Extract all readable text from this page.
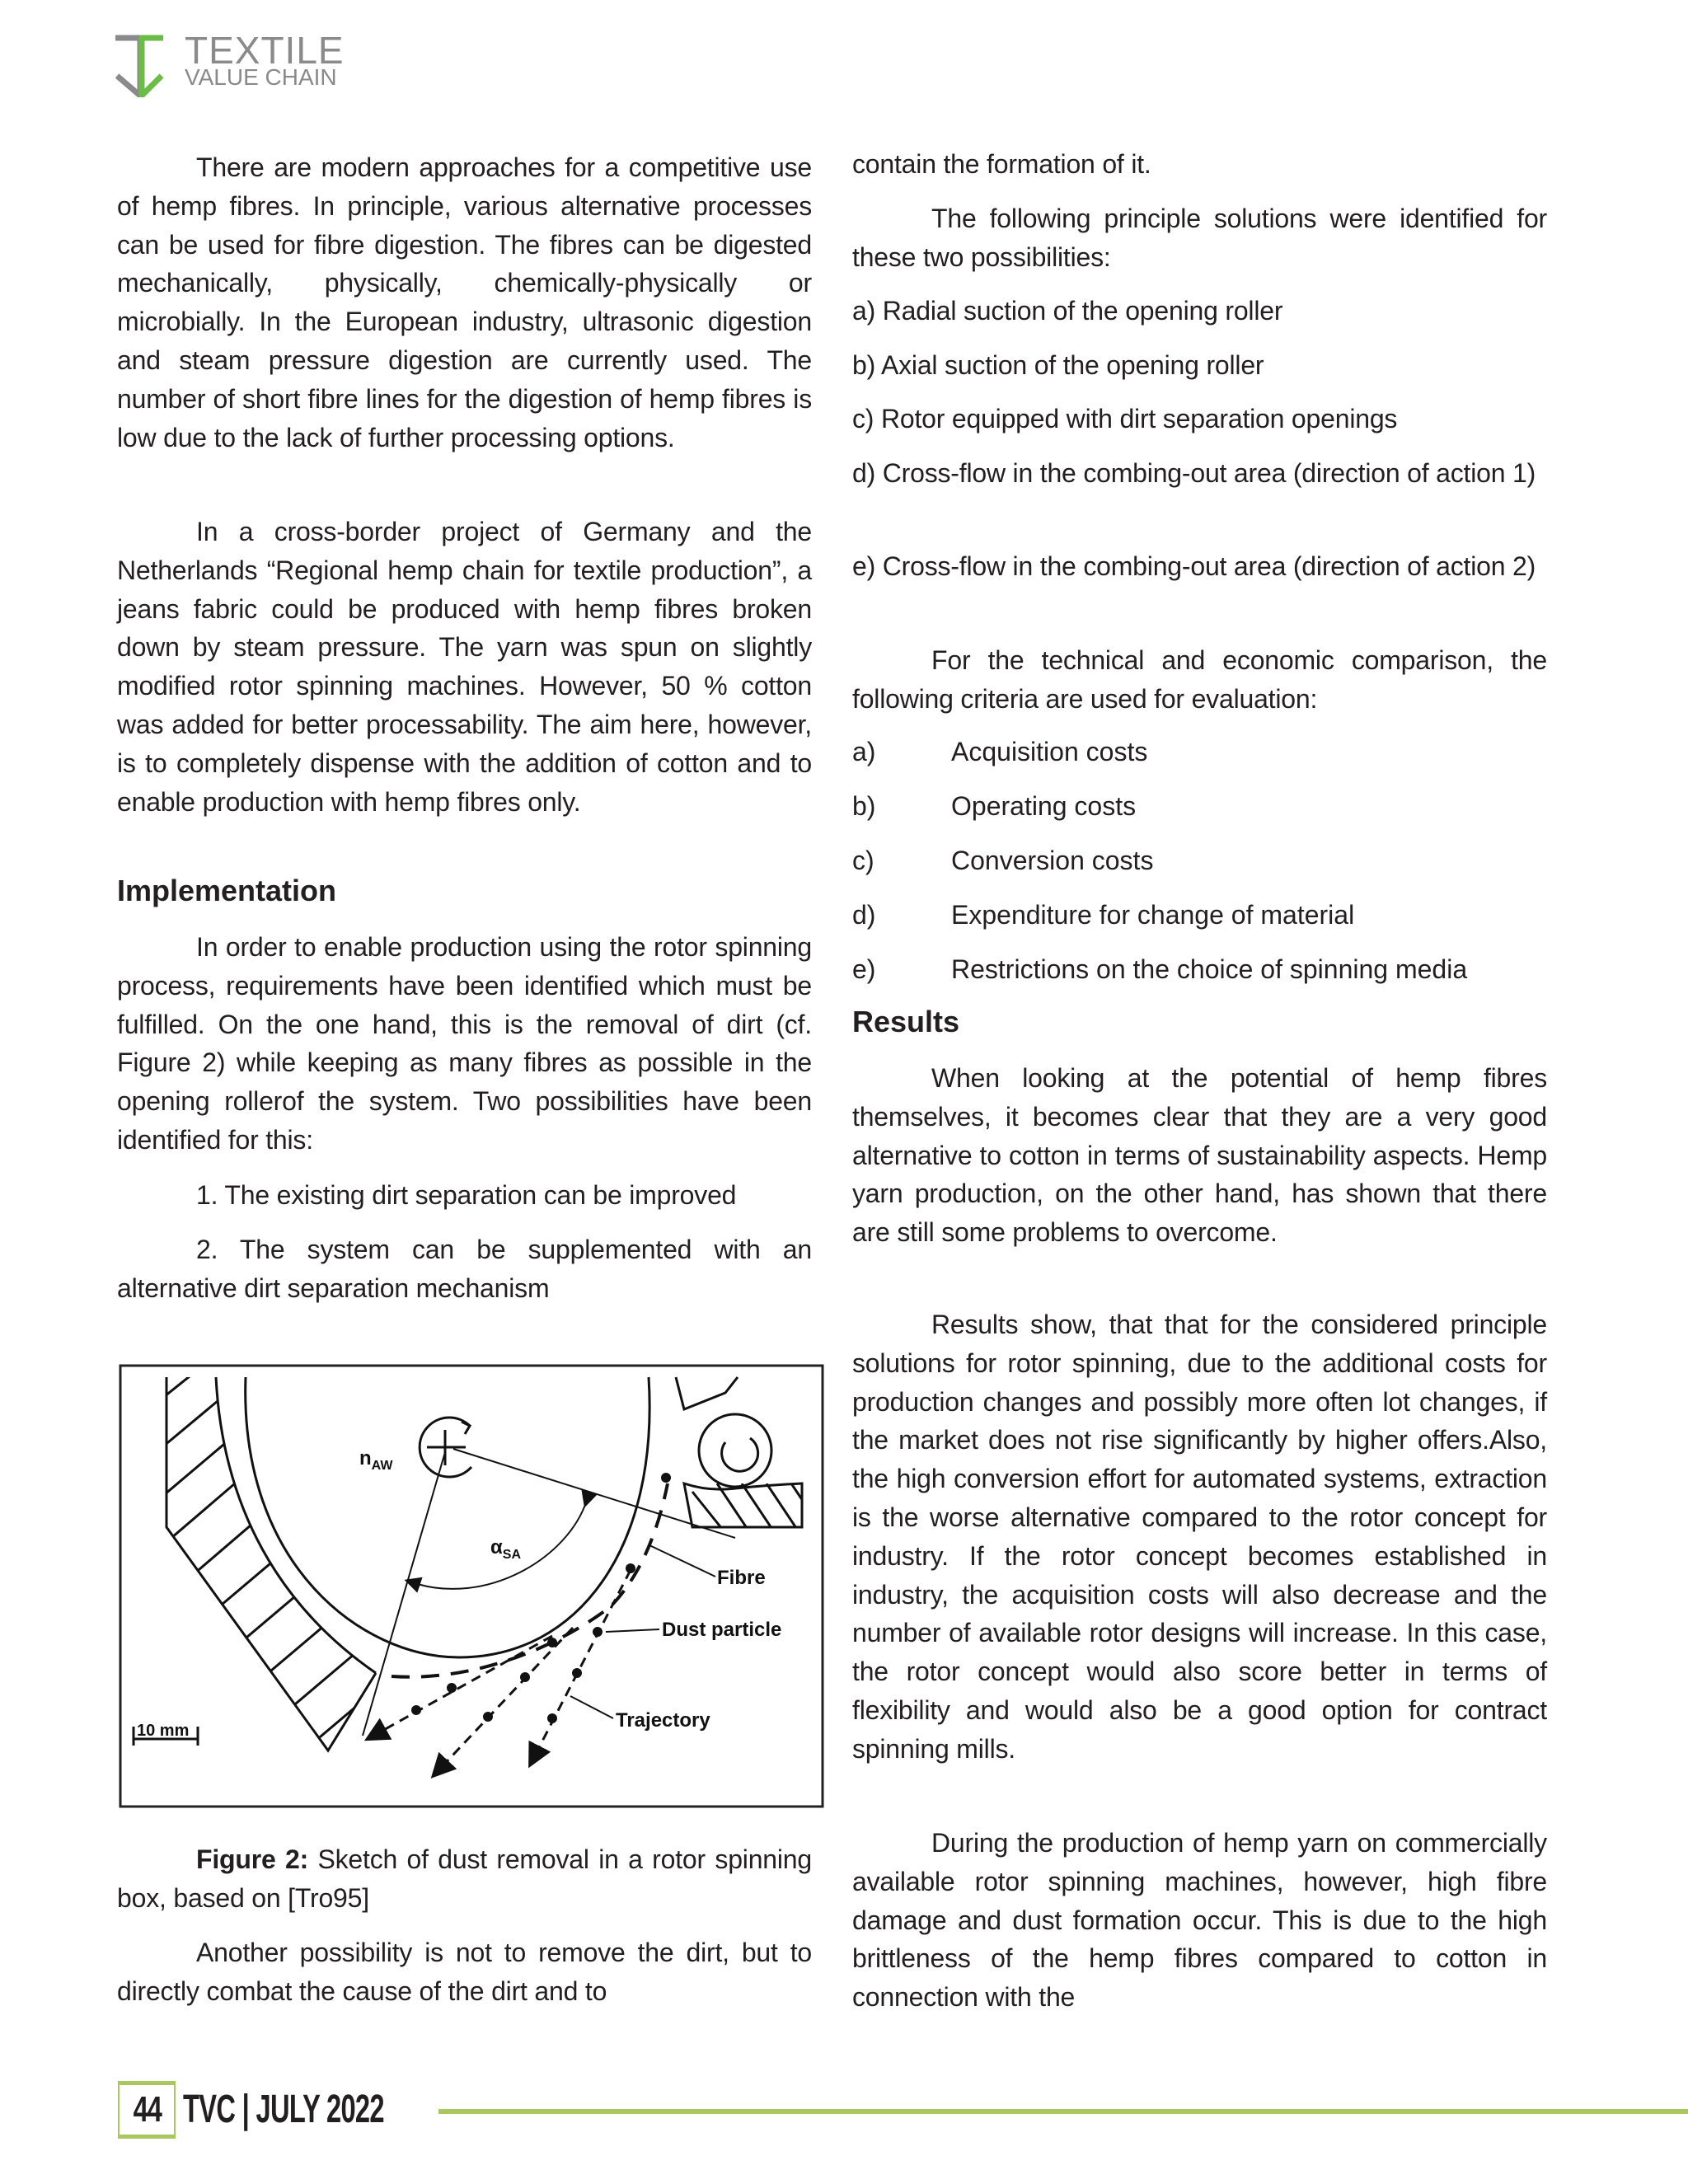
TEXTILE
VALUE CHAIN

There are modern approaches for a competitive use of hemp fibres. In principle, various alternative processes can be used for fibre digestion. The fibres can be digested mechanically, physically, chemically-physically or microbially. In the European industry, ultrasonic digestion and steam pressure digestion are currently used. The number of short fibre lines for the digestion of hemp fibres is low due to the lack of further processing options.

In a cross-border project of Germany and the Netherlands “Regional hemp chain for textile production”, a jeans fabric could be produced with hemp fibres broken down by steam pressure. The yarn was spun on slightly modified rotor spinning machines. However, 50 % cotton was added for better processability. The aim here, however, is to completely dispense with the addition of cotton and to enable production with hemp fibres only.

Implementation

In order to enable production using the rotor spinning process, requirements have been identified which must be fulfilled. On the one hand, this is the removal of dirt (cf. Figure 2) while keeping as many fibres as possible in the opening rollerof the system. Two possibilities have been identified for this:

1. The existing dirt separation can be improved

2. The system can be supplemented with an alternative dirt separation mechanism

$n_{AW}$
$\alpha_{SA}$
Fibre
Dust particle
Trajectory
10 mm

Figure 2: Sketch of dust removal in a rotor spinning box, based on [Tro95]

Another possibility is not to remove the dirt, but to directly combat the cause of the dirt and to

contain the formation of it.

The following principle solutions were identified for these two possibilities:

a) Radial suction of the opening roller

b) Axial suction of the opening roller

c) Rotor equipped with dirt separation openings

d) Cross-flow in the combing-out area (direction of action 1)

e) Cross-flow in the combing-out area (direction of action 2)

For the technical and economic comparison, the following criteria are used for evaluation:

a)	Acquisition costs
b)	Operating costs
c)	Conversion costs
d)	Expenditure for change of material
e)	Restrictions on the choice of spinning media
Results

When looking at the potential of hemp fibres themselves, it becomes clear that they are a very good alternative to cotton in terms of sustainability aspects. Hemp yarn production, on the other hand, has shown that there are still some problems to overcome.

Results show, that that for the considered principle solutions for rotor spinning, due to the additional costs for production changes and possibly more often lot changes, if the market does not rise significantly by higher offers.Also, the high conversion effort for automated systems, extraction is the worse alternative compared to the rotor concept for industry. If the rotor concept becomes established in industry, the acquisition costs will also decrease and the number of available rotor designs will increase. In this case, the rotor concept would also score better in terms of flexibility and would also be a good option for contract spinning mills.

During the production of hemp yarn on commercially available rotor spinning machines, however, high fibre damage and dust formation occur. This is due to the high brittleness of the hemp fibres compared to cotton in connection with the

44 TVC | JULY 2022
